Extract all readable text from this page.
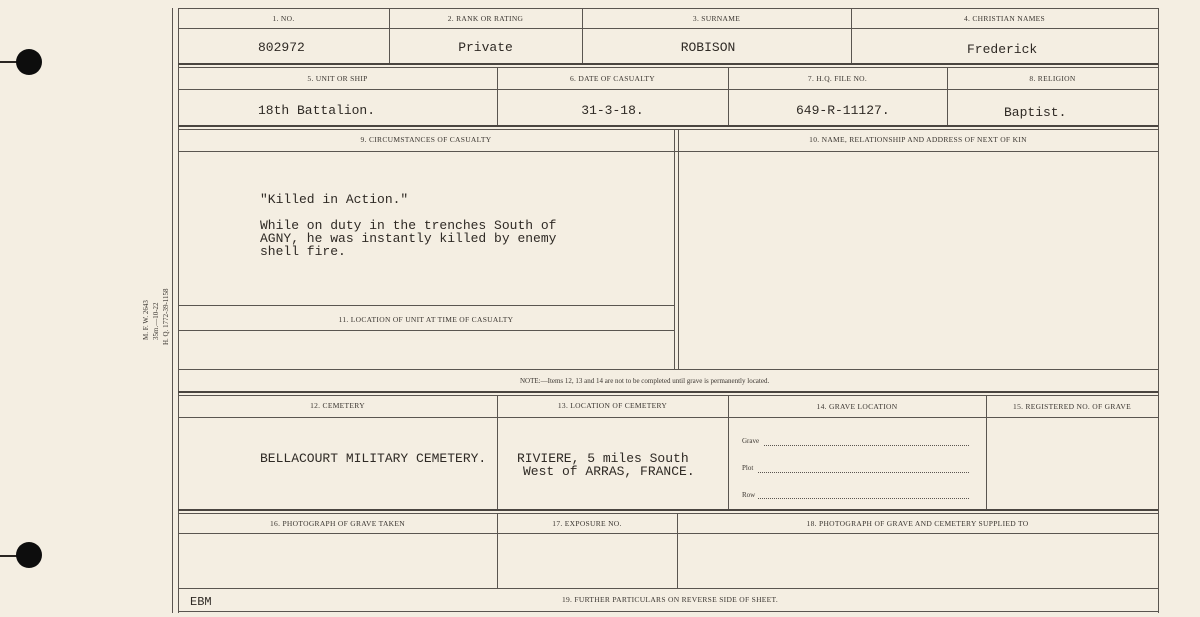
M. F. W. 2643 35m.—10-22 H. Q. 1772-39-1158
1. NO.	2. RANK OR RATING	3. SURNAME	4. CHRISTIAN NAMES
802972	Private	ROBISON	Frederick
5. UNIT OR SHIP	6. DATE OF CASUALTY	7. H.Q. FILE NO.	8. RELIGION
18th Battalion.	31-3-18.	649-R-11127.	Baptist.
9. CIRCUMSTANCES OF CASUALTY	10. NAME, RELATIONSHIP AND ADDRESS OF NEXT OF KIN
"Killed in Action."
While on duty in the trenches South of
AGNY, he was instantly killed by enemy
shell fire.
11. LOCATION OF UNIT AT TIME OF CASUALTY
NOTE:—Items 12, 13 and 14 are not to be completed until grave is permanently located.
12. CEMETERY	13. LOCATION OF CEMETERY	14. GRAVE LOCATION	15. REGISTERED NO. OF GRAVE
BELLACOURT MILITARY CEMETERY. RIVIERE, 5 miles South
West of ARRAS, FRANCE.
Grave
Plot
Row
16. PHOTOGRAPH OF GRAVE TAKEN	17. EXPOSURE NO.	18. PHOTOGRAPH OF GRAVE AND CEMETERY SUPPLIED TO
EBM	19. FURTHER PARTICULARS ON REVERSE SIDE OF SHEET.
